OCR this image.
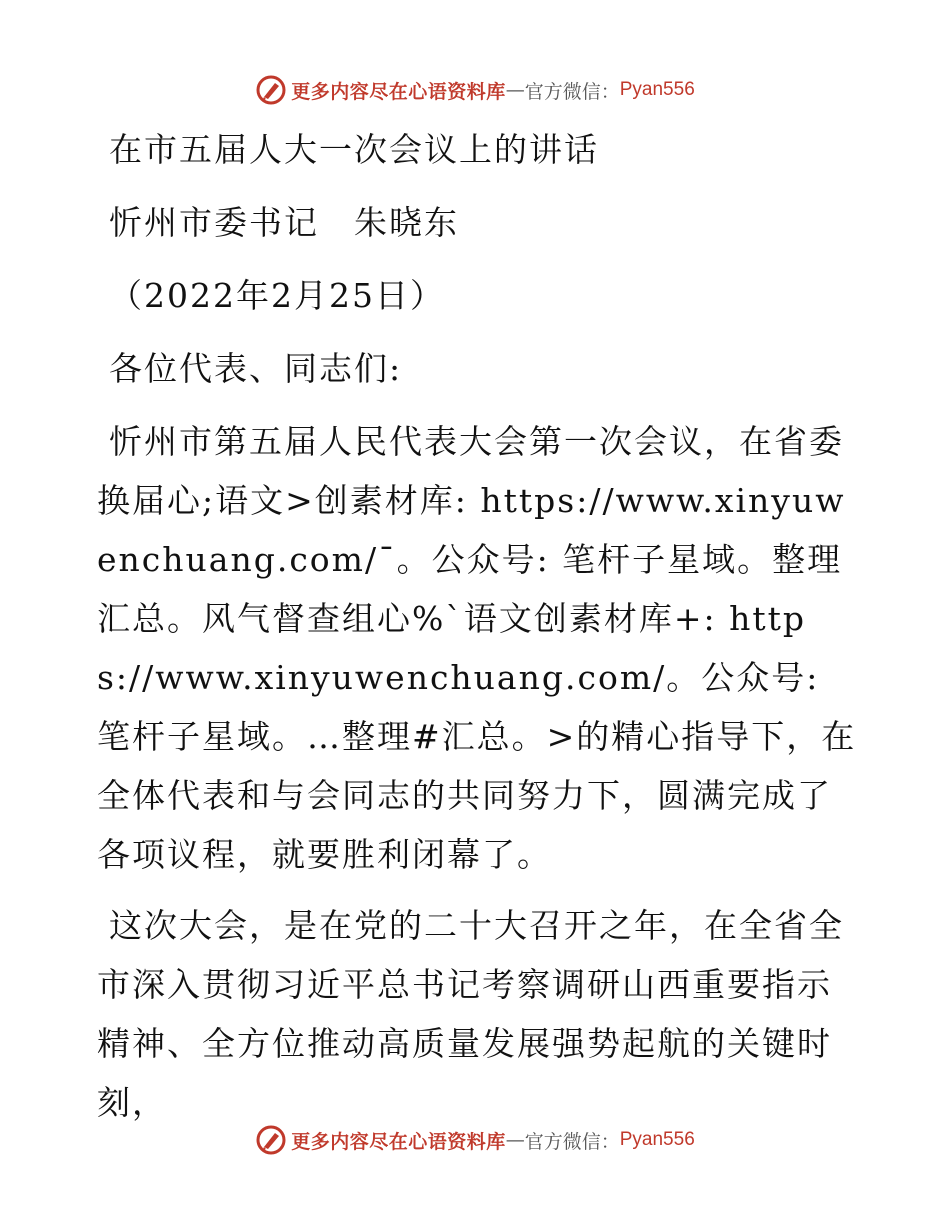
更多内容尽在心语资料库 — 官方微信： Pyan556

在市五届人大一次会议上的讲话

忻州市委书记　朱晓东

（2022年2月25日）

各位代表、同志们:

忻州市第五届人民代表大会第一次会议，在省委换届心;语文>创素材库: https://www.xinyuwenchuang.com/¯。公众号: 笔杆子星域。整理汇总。风气督查组心%`语文创素材库+: https://www.xinyuwenchuang.com/。公众号: 笔杆子星域。…整理#汇总。>的精心指导下，在全体代表和与会同志的共同努力下，圆满完成了各项议程，就要胜利闭幕了。

这次大会，是在党的二十大召开之年，在全省全市深入贯彻习近平总书记考察调研山西重要指示精神、全方位推动高质量发展强势起航的关键时刻，

更多内容尽在心语资料库 — 官方微信： Pyan556
